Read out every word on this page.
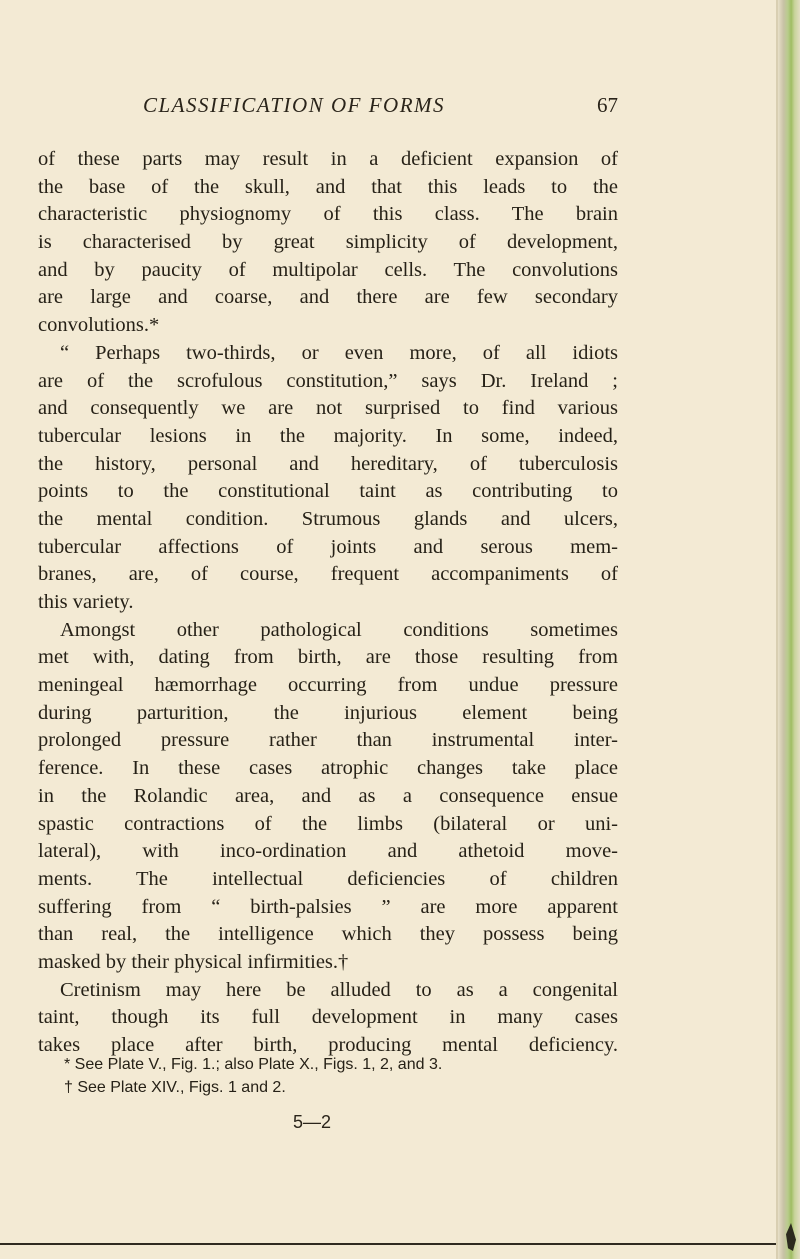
CLASSIFICATION OF FORMS	67
of these parts may result in a deficient expansion of
the base of the skull, and that this leads to the
characteristic physiognomy of this class. The brain
is characterised by great simplicity of development,
and by paucity of multipolar cells. The convolutions
are large and coarse, and there are few secondary
convolutions.*
“ Perhaps two-thirds, or even more, of all idiots
are of the scrofulous constitution,” says Dr. Ireland ;
and consequently we are not surprised to find various
tubercular lesions in the majority. In some, indeed,
the history, personal and hereditary, of tuberculosis
points to the constitutional taint as contributing to
the mental condition. Strumous glands and ulcers,
tubercular affections of joints and serous mem-
branes, are, of course, frequent accompaniments of
this variety.
Amongst other pathological conditions sometimes
met with, dating from birth, are those resulting from
meningeal hæmorrhage occurring from undue pressure
during parturition, the injurious element being
prolonged pressure rather than instrumental inter-
ference. In these cases atrophic changes take place
in the Rolandic area, and as a consequence ensue
spastic contractions of the limbs (bilateral or uni-
lateral), with inco-ordination and athetoid move-
ments. The intellectual deficiencies of children
suffering from “ birth-palsies ” are more apparent
than real, the intelligence which they possess being
masked by their physical infirmities.†
Cretinism may here be alluded to as a congenital
taint, though its full development in many cases
takes place after birth, producing mental deficiency.
* See Plate V., Fig. 1.; also Plate X., Figs. 1, 2, and 3.
† See Plate XIV., Figs. 1 and 2.
5—2
